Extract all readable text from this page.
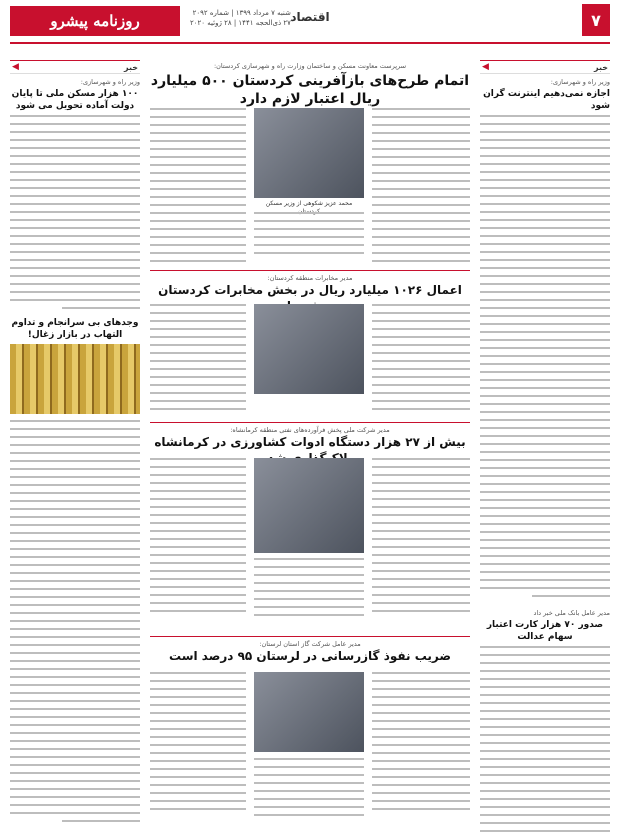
۷
اقتصاد
شنبه ۷ مرداد ۱۳۹۹ | شماره ۲۰۹۲
۲۷ ذی‌الحجه ۱۴۴۱ | ۲۸ ژوئیه ۲۰۲۰
روزنامه پیشرو
خبر
◀
وزیر راه و شهرسازی:
اجازه نمی‌دهیم اینترنت گران شود
مدیر عامل بانک ملی خبر داد
صدور ۷۰ هزار کارت اعتبار سهام عدالت
خبر
◀
وزیر راه و شهرسازی:
۱۰۰ هزار مسکن ملی تا پایان دولت آماده تحویل می شود
وجدهای بی سرانجام و تداوم التهاب در بازار زغال!
سرپرست معاونت مسکن و ساختمان وزارت راه و شهرسازی کردستان:
اتمام طرح‌های بازآفرینی کردستان ۵۰۰ میلیارد ریال اعتبار لازم دارد
محمد عزیز شکوهی از وزیر مسکن
مدیر مخابرات منطقه کردستان:
اعمال ۱۰۲۶ میلیارد ریال در بخش مخابرات کردستان
مدیر شرکت ملی پخش فرآورده‌های نفتی منطقه کرمانشاه:
بیش از ۲۷ هزار دستگاه ادوات کشاورزی در کرمانشاه
مدیر عامل شرکت گاز استان لرستان:
ضریب نفوذ گازرسانی در لرستان ۹۵ درصد است
